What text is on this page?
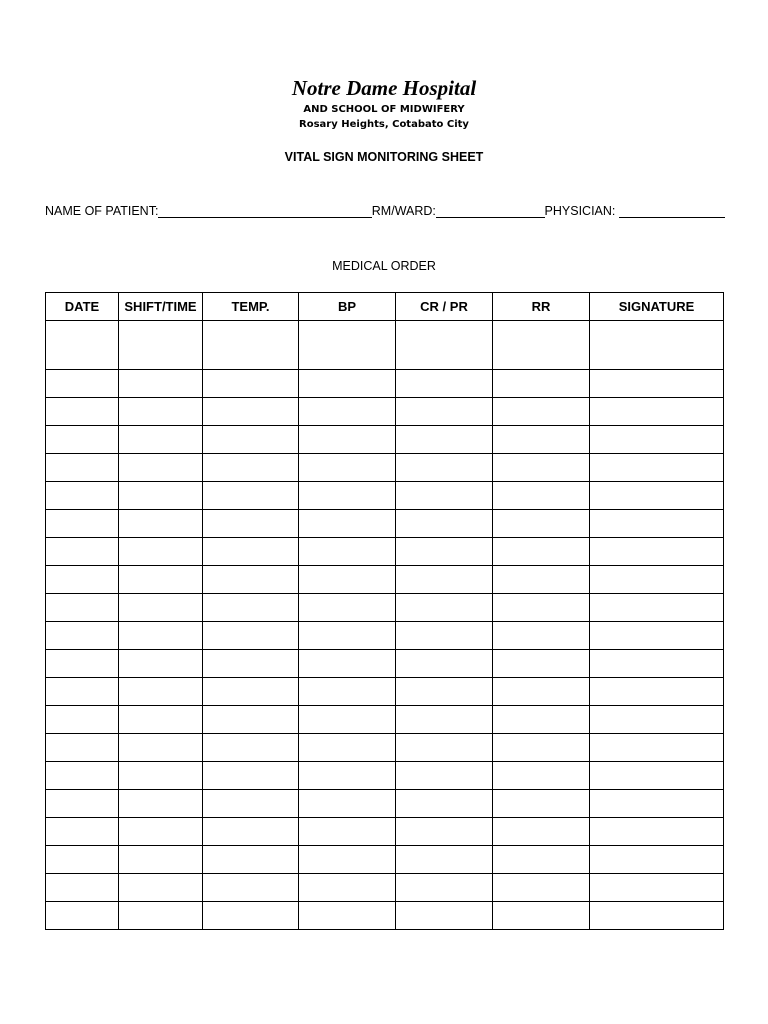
Notre Dame Hospital
AND SCHOOL OF MIDWIFERY
Rosary Heights, Cotabato City
VITAL SIGN MONITORING SHEET
NAME OF PATIENT:	RM/WARD:	PHYSICIAN:
MEDICAL ORDER
DATE	SHIFT/TIME	TEMP.	BP	CR / PR	RR	SIGNATURE
